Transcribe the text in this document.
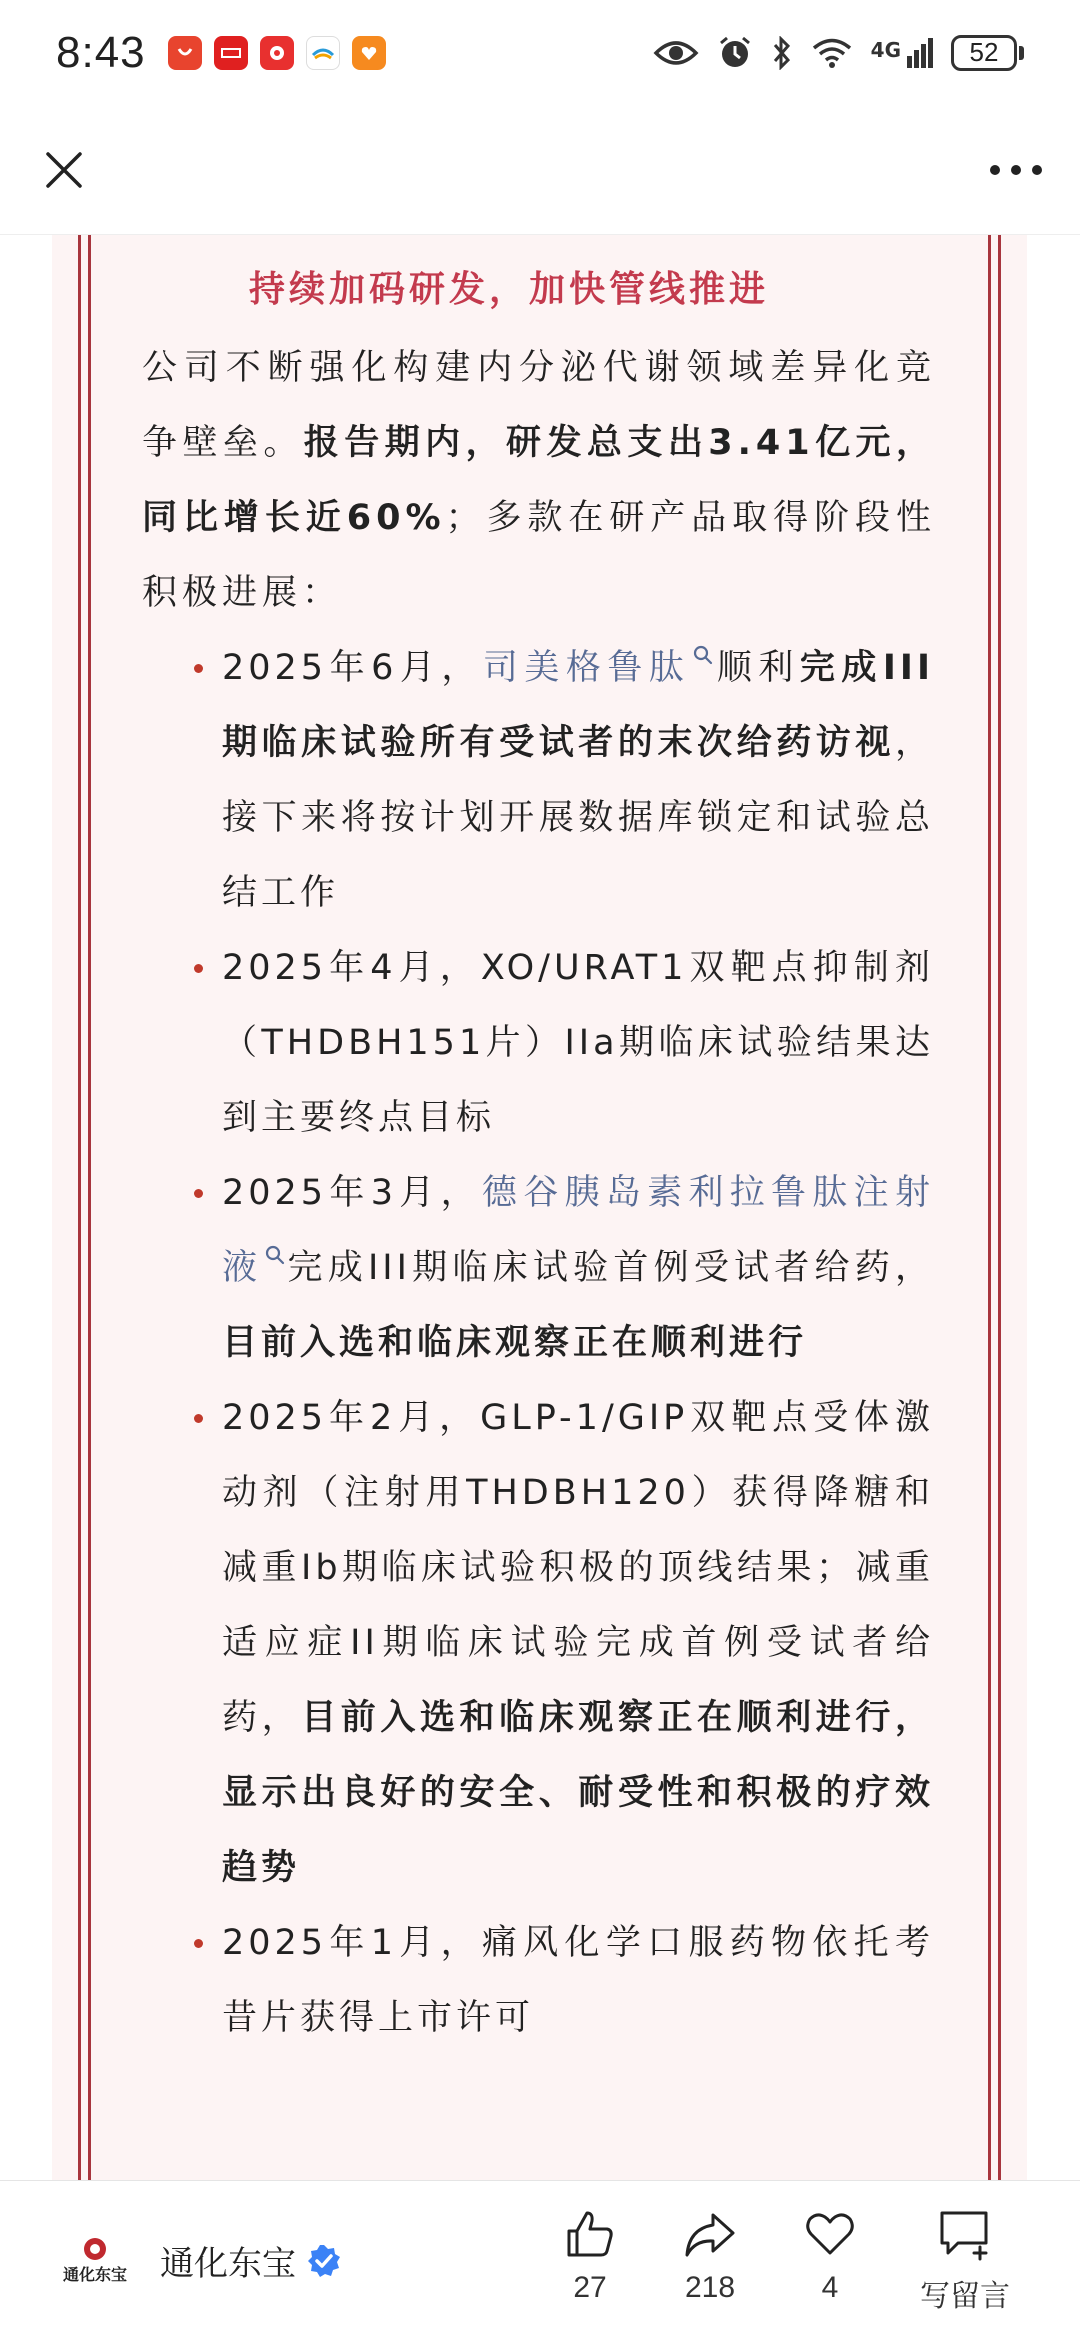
8:43	4G	52
持续加码研发，加快管线推进

公司不断强化构建内分泌代谢领域差异化竞争壁垒。报告期内，研发总支出3.41亿元，同比增长近60%；多款在研产品取得阶段性积极进展：

2025年6月，司美格鲁肽 顺利完成III期临床试验所有受试者的末次给药访视，接下来将按计划开展数据库锁定和试验总结工作
2025年4月，XO/URAT1双靶点抑制剂（THDBH151片）IIa期临床试验结果达到主要终点目标
2025年3月，德谷胰岛素利拉鲁肽注射液 完成III期临床试验首例受试者给药，目前入选和临床观察正在顺利进行
2025年2月，GLP-1/GIP双靶点受体激动剂（注射用THDBH120）获得降糖和减重Ib期临床试验积极的顶线结果；减重适应症II期临床试验完成首例受试者给药，目前入选和临床观察正在顺利进行，显示出良好的安全、耐受性和积极的疗效趋势
2025年1月，痛风化学口服药物依托考昔片获得上市许可
通化东宝 通化东宝
27	218	4	写留言
